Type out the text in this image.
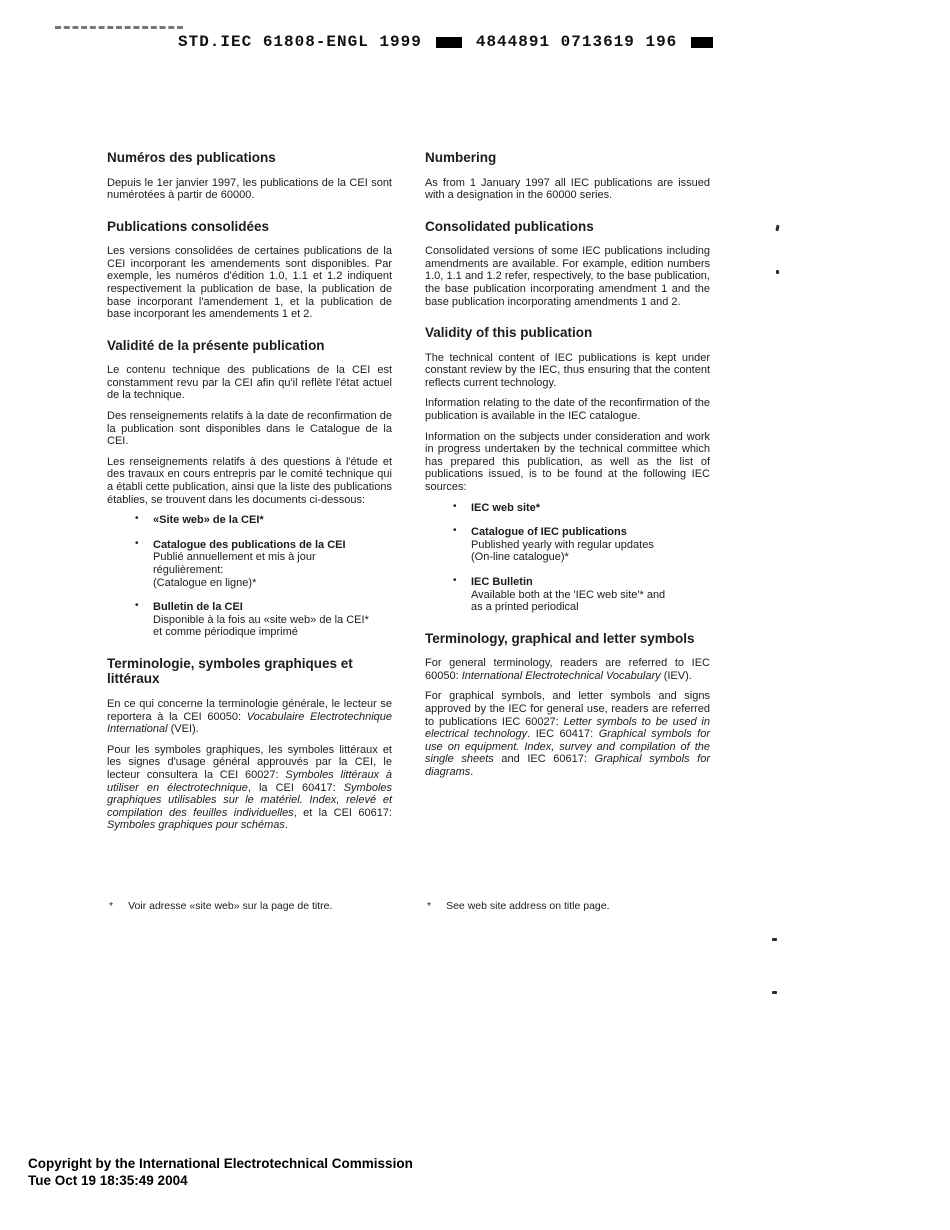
STD.IEC 61808-ENGL 1999	4844891 0713619 196
Numéros des publications

Depuis le 1er janvier 1997, les publications de la CEI sont numérotées à partir de 60000.

Publications consolidées

Les versions consolidées de certaines publications de la CEI incorporant les amendements sont disponibles. Par exemple, les numéros d'édition 1.0, 1.1 et 1.2 indiquent respectivement la publication de base, la publication de base incorporant l'amendement 1, et la publication de base incorporant les amendements 1 et 2.

Validité de la présente publication

Le contenu technique des publications de la CEI est constamment revu par la CEI afin qu'il reflète l'état actuel de la technique.

Des renseignements relatifs à la date de reconfirmation de la publication sont disponibles dans le Catalogue de la CEI.

Les renseignements relatifs à des questions à l'étude et des travaux en cours entrepris par le comité technique qui a établi cette publication, ainsi que la liste des publications établies, se trouvent dans les documents ci-dessous:

• «Site web» de la CEI*
• Catalogue des publications de la CEI
Publié annuellement et mis à jour
régulièrement:
(Catalogue en ligne)*
• Bulletin de la CEI
Disponible à la fois au «site web» de la CEI*
et comme périodique imprimé
Terminologie, symboles graphiques et littéraux

En ce qui concerne la terminologie générale, le lecteur se reportera à la CEI 60050: Vocabulaire Electrotechnique International (VEI).

Pour les symboles graphiques, les symboles littéraux et les signes d'usage général approuvés par la CEI, le lecteur consultera la CEI 60027: Symboles littéraux à utiliser en électrotechnique, la CEI 60417: Symboles graphiques utilisables sur le matériel. Index, relevé et compilation des feuilles individuelles, et la CEI 60617: Symboles graphiques pour schémas.

* Voir adresse «site web» sur la page de titre.
Numbering

As from 1 January 1997 all IEC publications are issued with a designation in the 60000 series.

Consolidated publications

Consolidated versions of some IEC publications including amendments are available. For example, edition numbers 1.0, 1.1 and 1.2 refer, respectively, to the base publication, the base publication incorporating amendment 1 and the base publication incorporating amendments 1 and 2.

Validity of this publication

The technical content of IEC publications is kept under constant review by the IEC, thus ensuring that the content reflects current technology.

Information relating to the date of the reconfirmation of the publication is available in the IEC catalogue.

Information on the subjects under consideration and work in progress undertaken by the technical committee which has prepared this publication, as well as the list of publications issued, is to be found at the following IEC sources:

• IEC web site*
• Catalogue of IEC publications
Published yearly with regular updates
(On-line catalogue)*
• IEC Bulletin
Available both at the 'IEC web site'* and
as a printed periodical
Terminology, graphical and letter symbols

For general terminology, readers are referred to IEC 60050: International Electrotechnical Vocabulary (IEV).

For graphical symbols, and letter symbols and signs approved by the IEC for general use, readers are referred to publications IEC 60027: Letter symbols to be used in electrical technology. IEC 60417: Graphical symbols for use on equipment. Index, survey and compilation of the single sheets and IEC 60617: Graphical symbols for diagrams.

* See web site address on title page.
Copyright by the International Electrotechnical Commission
Tue Oct 19 18:35:49 2004
